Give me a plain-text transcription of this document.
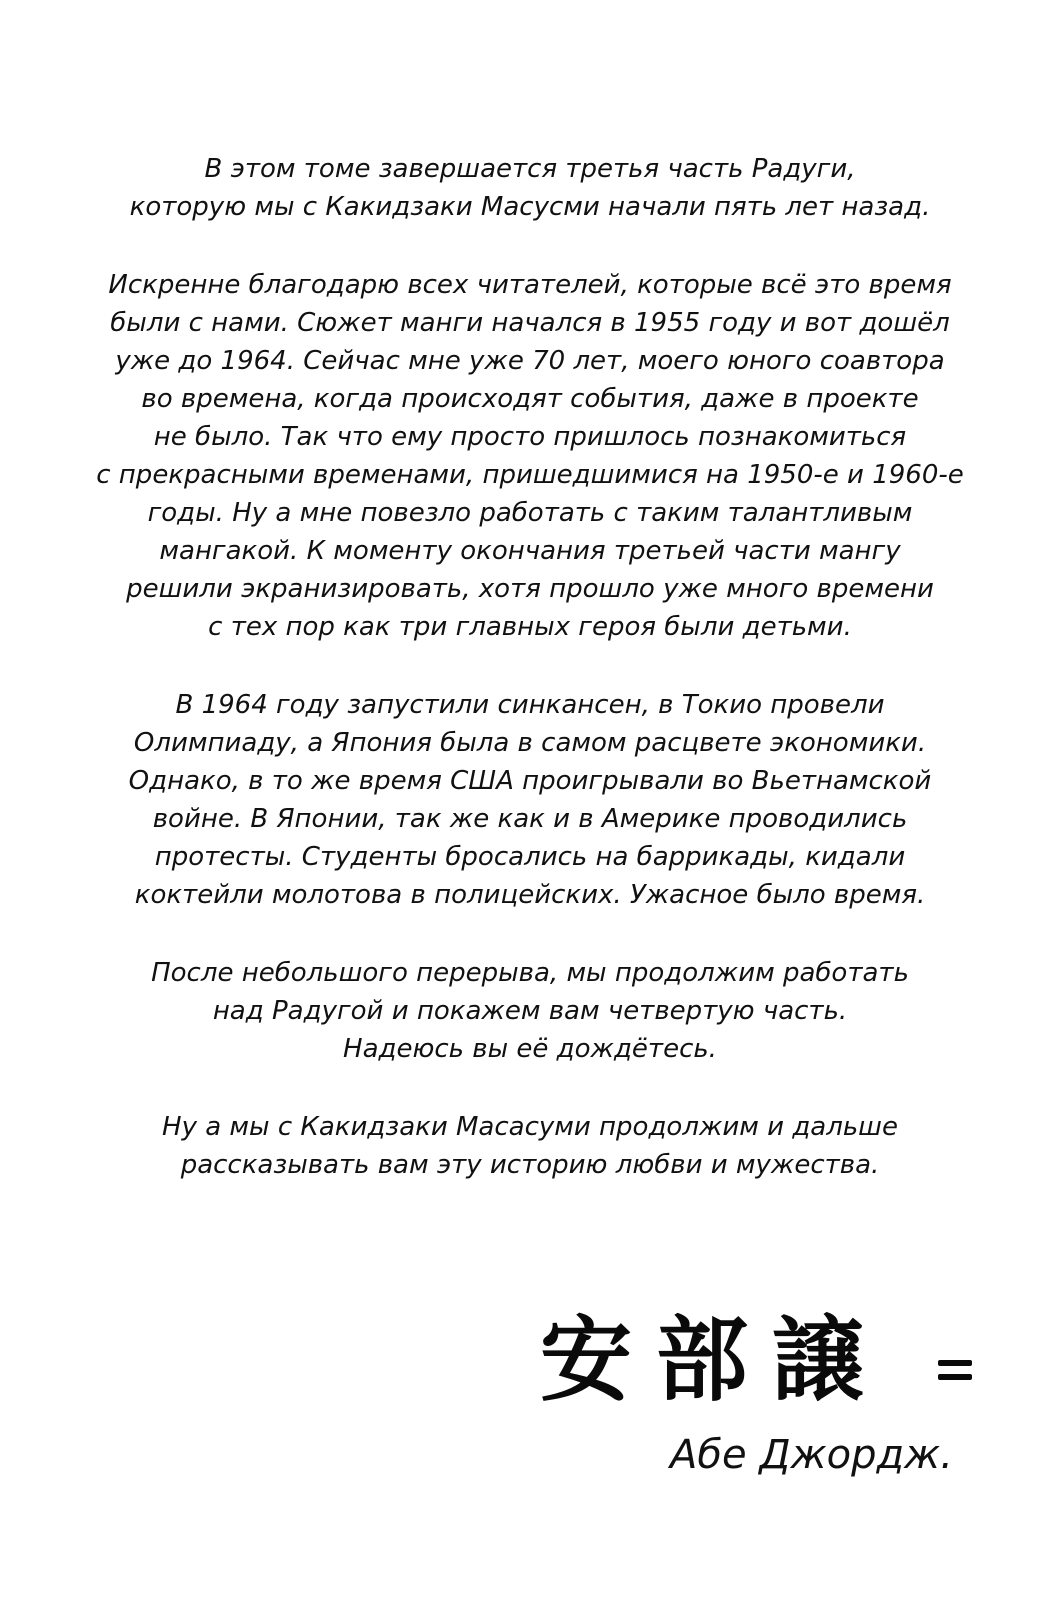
В этом томе завершается третья часть Радуги,
которую мы с Какидзаки Масусми начали пять лет назад.

Искренне благодарю всех читателей, которые всё это время
были с нами. Сюжет манги начался в 1955 году и вот дошёл
уже до 1964. Сейчас мне уже 70 лет, моего юного соавтора
во времена, когда происходят события, даже в проекте
не было. Так что ему просто пришлось познакомиться
с прекрасными временами, пришедшимися на 1950-е и 1960-е
годы. Ну а мне повезло работать с таким талантливым
мангакой. К моменту окончания третьей части мангу
решили экранизировать, хотя прошло уже много времени
с тех пор как три главных героя были детьми.

В 1964 году запустили синкансен, в Токио провели
Олимпиаду, а Япония была в самом расцвете экономики.
Однако, в то же время США проигрывали во Вьетнамской
войне. В Японии, так же как и в Америке проводились
протесты. Студенты бросались на баррикады, кидали
коктейли молотова в полицейских. Ужасное было время.

После небольшого перерыва, мы продолжим работать
над Радугой и покажем вам четвертую часть.
Надеюсь вы её дождётесь.

Ну а мы с Какидзаки Масасуми продолжим и дальше
рассказывать вам эту историю любви и мужества.

安部譲
Абе Джордж.
